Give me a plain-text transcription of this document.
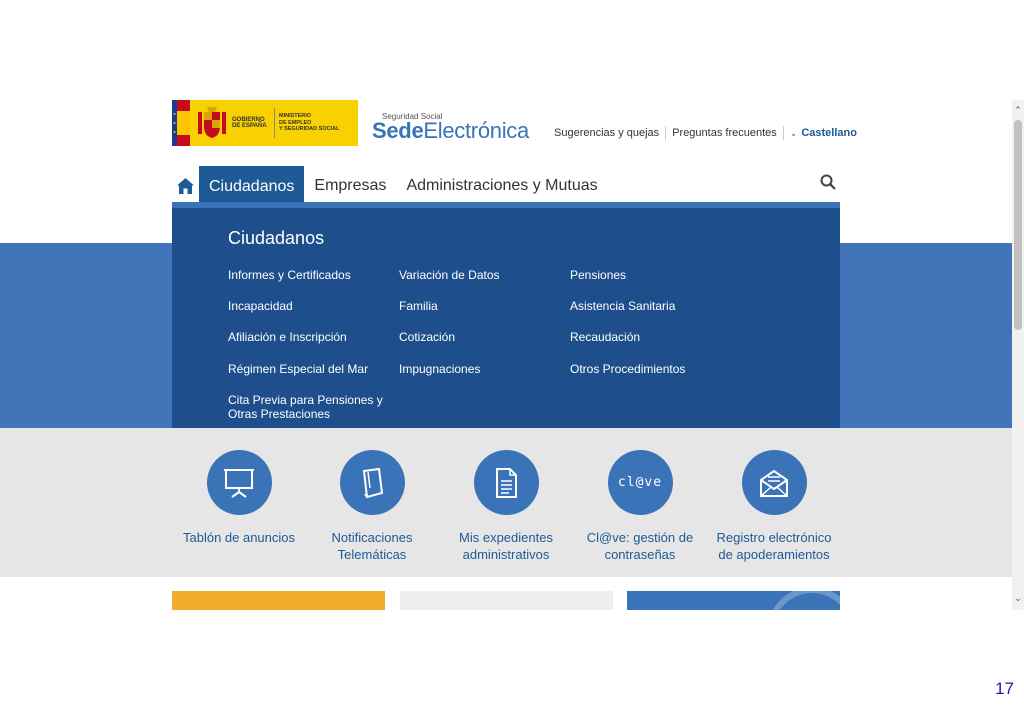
GOBIERNO
DE ESPAÑA
MINISTERIO
DE EMPLEO
Y SEGURIDAD SOCIAL
Seguridad Social
SedeElectrónica	Sugerencias y quejas	Preguntas frecuentes	⌄ Castellano
Ciudadanos	Empresas	Administraciones y Mutuas
Ciudadanos
Informes y Certificados
Incapacidad
Afiliación e Inscripción
Régimen Especial del Mar
Cita Previa para Pensiones y Otras Prestaciones
Variación de Datos
Familia
Cotización
Impugnaciones
Pensiones
Asistencia Sanitaria
Recaudación
Otros Procedimientos
Tablón de anuncios	Notificaciones
Telemáticas
Mis expedientes
administrativos
cl@ve
Cl@ve: gestión de
contraseñas
Registro electrónico
de apoderamientos
⌃
⌄
17
